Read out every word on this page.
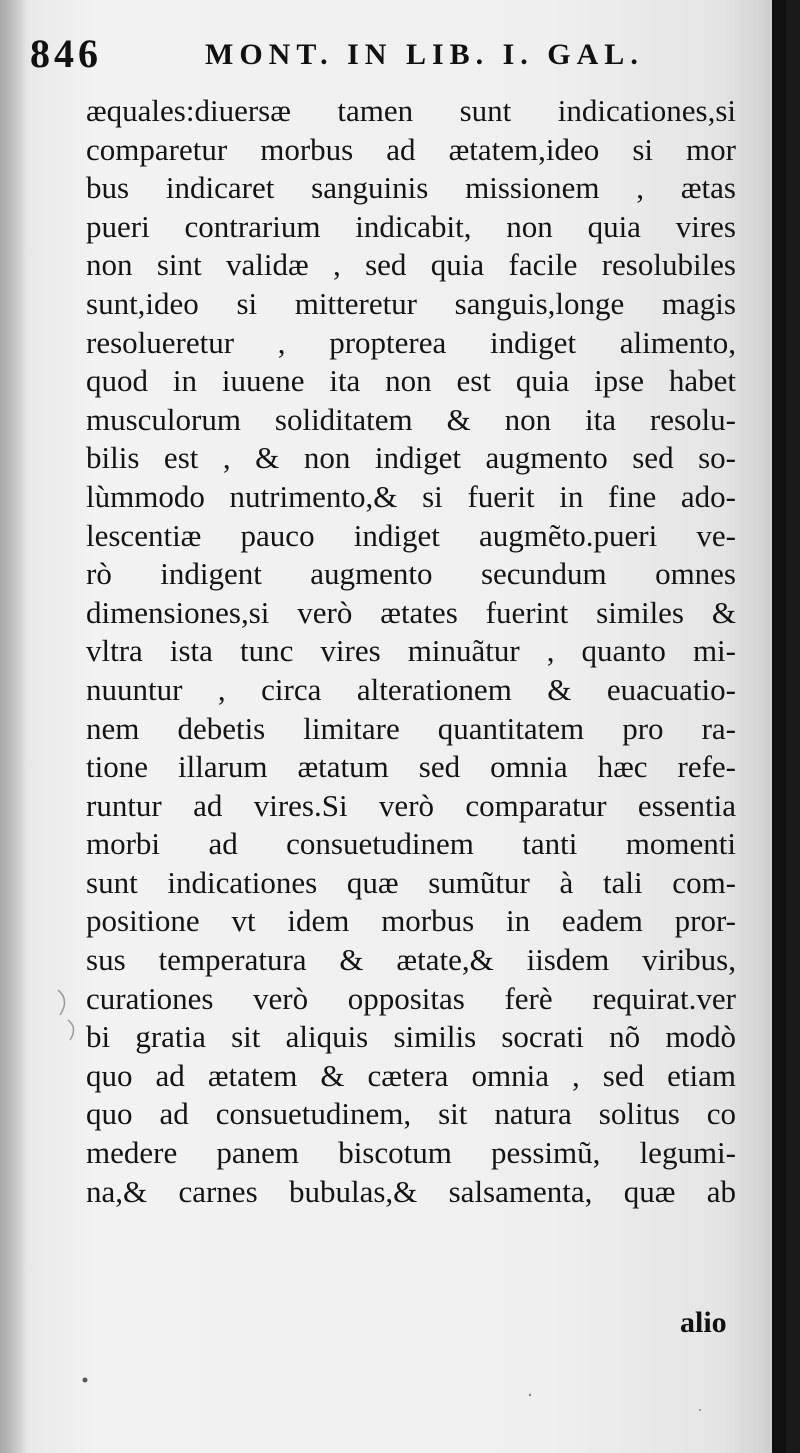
846	MONT. IN LIB. I. GAL.
æquales:diuersæ tamen sunt indicationes,si
comparetur morbus ad ætatem,ideo si mor
bus indicaret sanguinis missionem , ætas
pueri contrarium indicabit, non quia vires
non sint validæ , sed quia facile resolubiles
sunt,ideo si mitteretur sanguis,longe magis
resolueretur , propterea indiget alimento,
quod in iuuene ita non est quia ipse habet
musculorum soliditatem & non ita resolu-
bilis est , & non indiget augmento sed so-
lùmmodo nutrimento,& si fuerit in fine ado-
lescentiæ pauco indiget augmẽto.pueri ve-
rò indigent augmento secundum omnes
dimensiones,si verò ætates fuerint similes &
vltra ista tunc vires minuãtur , quanto mi-
nuuntur , circa alterationem & euacuatio-
nem debetis limitare quantitatem pro ra-
tione illarum ætatum sed omnia hæc refe-
runtur ad vires.Si verò comparatur essentia
morbi ad consuetudinem tanti momenti
sunt indicationes quæ sumũtur à tali com-
positione vt idem morbus in eadem pror-
sus temperatura & ætate,& iisdem viribus,
curationes verò oppositas ferè requirat.ver
bi gratia sit aliquis similis socrati nõ modò
quo ad ætatem & cætera omnia , sed etiam
quo ad consuetudinem, sit natura solitus co
medere panem biscotum pessimũ, legumi-
na,& carnes bubulas,& salsamenta, quæ ab
alio
